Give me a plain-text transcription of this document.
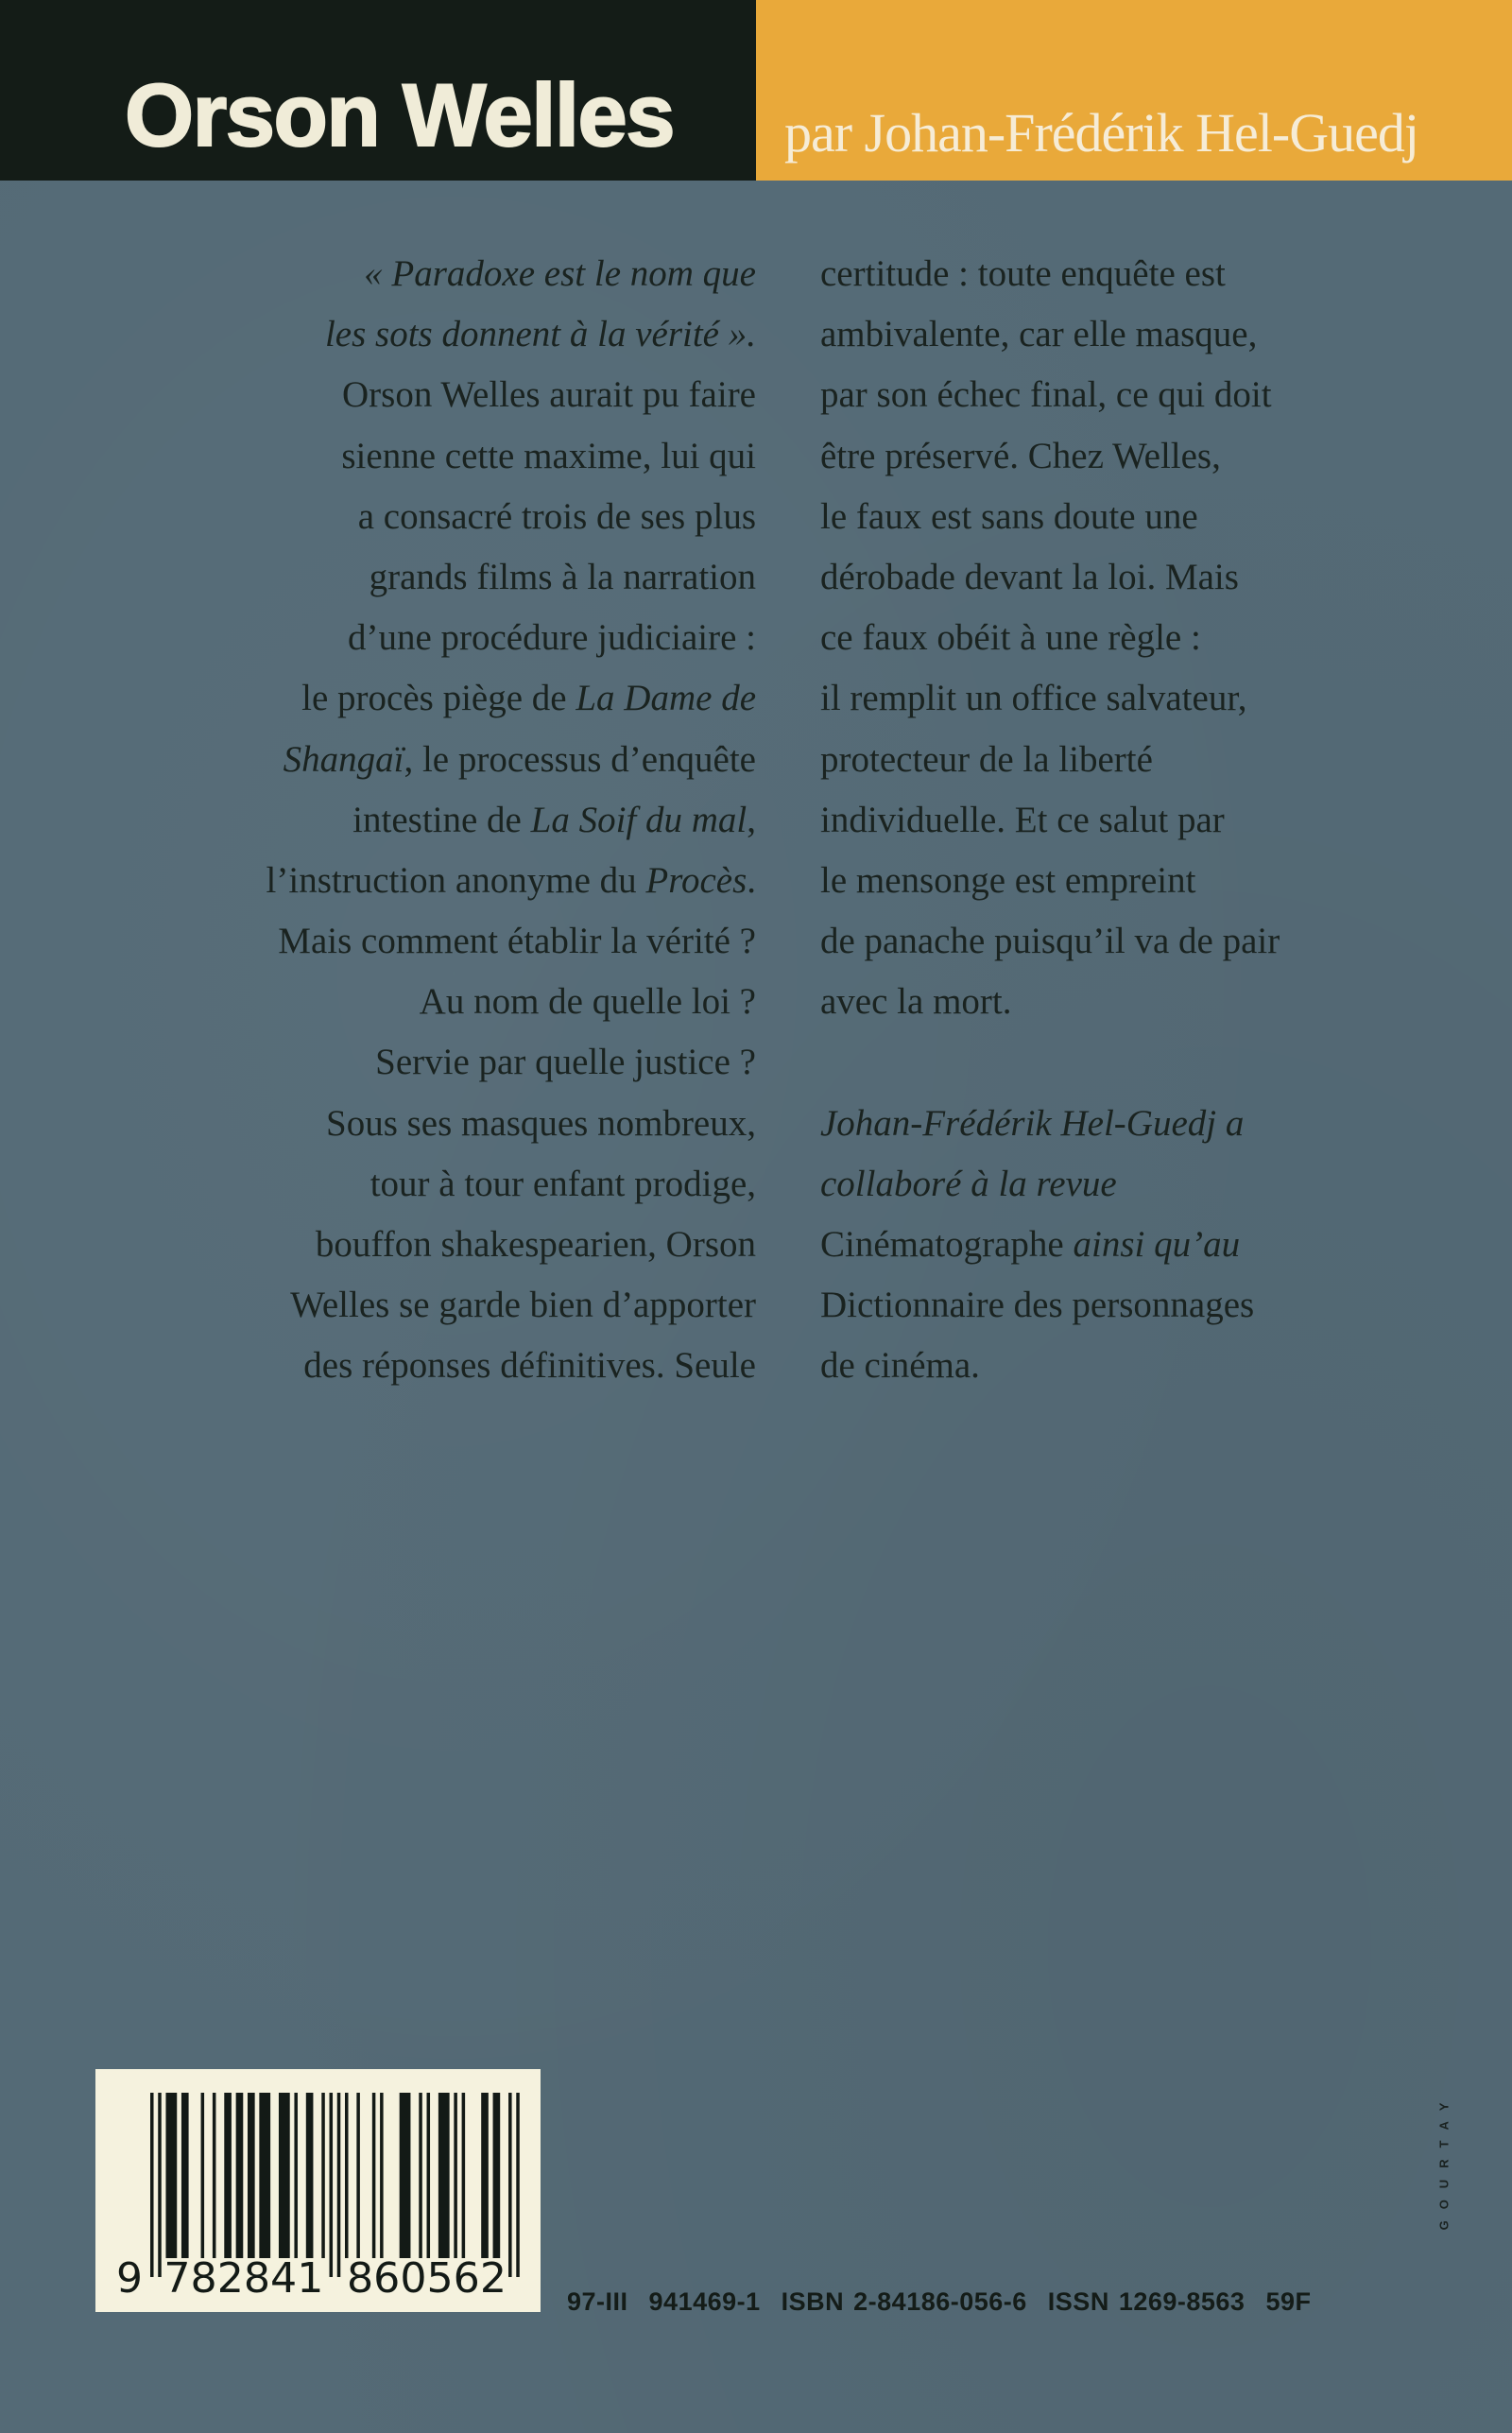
Orson Welles par Johan-Frédérik Hel-Guedj
« Paradoxe est le nom que
les sots donnent à la vérité ».
Orson Welles aurait pu faire
sienne cette maxime, lui qui
a consacré trois de ses plus
grands films à la narration
d’une procédure judiciaire :
le procès piège de La Dame de
Shangaï, le processus d’enquête
intestine de La Soif du mal,
l’instruction anonyme du Procès.
Mais comment établir la vérité ?
Au nom de quelle loi ?
Servie par quelle justice ?
Sous ses masques nombreux,
tour à tour enfant prodige,
bouffon shakespearien, Orson
Welles se garde bien d’apporter
des réponses définitives. Seule
certitude : toute enquête est
ambivalente, car elle masque,
par son échec final, ce qui doit
être préservé. Chez Welles,
le faux est sans doute une
dérobade devant la loi. Mais
ce faux obéit à une règle :
il remplit un office salvateur,
protecteur de la liberté
individuelle. Et ce salut par
le mensonge est empreint
de panache puisqu’il va de pair
avec la mort.
Johan-Frédérik Hel-Guedj a
collaboré à la revue
Cinématographe ainsi qu’au
Dictionnaire des personnages
de cinéma.
9 782841 860562 97-III 941469-1 ISBN 2-84186-056-6 ISSN 1269-8563 59F
GOURTAY
